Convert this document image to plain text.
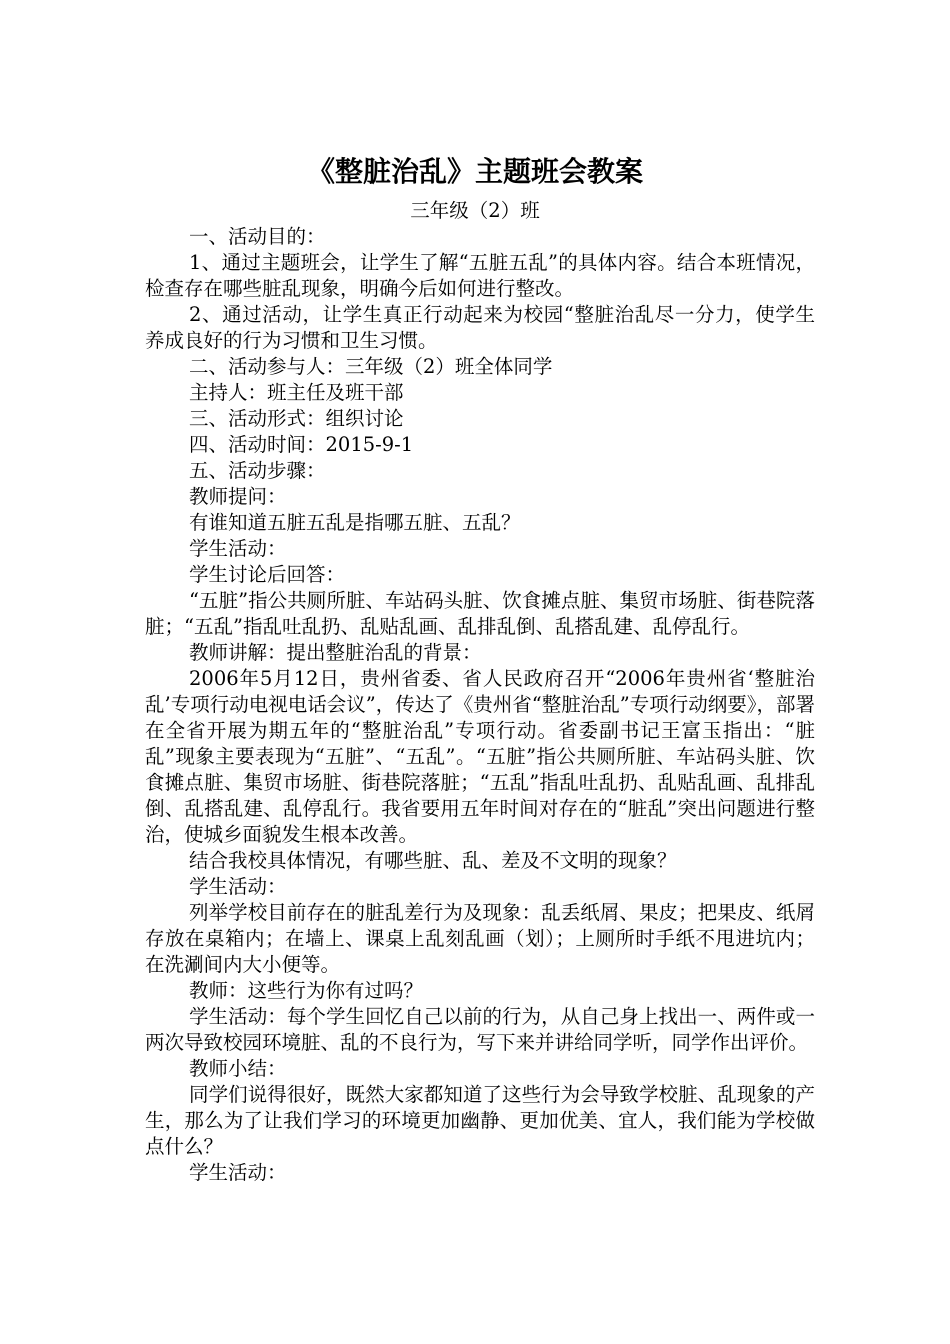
《整脏治乱》主题班会教案
三年级（2）班

一、活动目的：

1、通过主题班会，让学生了解“五脏五乱”的具体内容。结合本班情况，检查存在哪些脏乱现象，明确今后如何进行整改。

2、通过活动，让学生真正行动起来为校园“整脏治乱尽一分力，使学生养成良好的行为习惯和卫生习惯。

二、活动参与人：三年级（2）班全体同学

主持人：班主任及班干部

三、活动形式：组织讨论

四、活动时间：2015-9-1

五、活动步骤：

教师提问：

有谁知道五脏五乱是指哪五脏、五乱？

学生活动：

学生讨论后回答：

“五脏”指公共厕所脏、车站码头脏、饮食摊点脏、集贸市场脏、街巷院落脏；“五乱”指乱吐乱扔、乱贴乱画、乱排乱倒、乱搭乱建、乱停乱行。

教师讲解：提出整脏治乱的背景：

2006年5月12日，贵州省委、省人民政府召开“2006年贵州省‘整脏治乱’专项行动电视电话会议”，传达了《贵州省“整脏治乱”专项行动纲要》，部署在全省开展为期五年的“整脏治乱”专项行动。省委副书记王富玉指出：“脏乱”现象主要表现为“五脏”、“五乱”。“五脏”指公共厕所脏、车站码头脏、饮食摊点脏、集贸市场脏、街巷院落脏；“五乱”指乱吐乱扔、乱贴乱画、乱排乱倒、乱搭乱建、乱停乱行。我省要用五年时间对存在的“脏乱”突出问题进行整治，使城乡面貌发生根本改善。

结合我校具体情况，有哪些脏、乱、差及不文明的现象？

学生活动：

列举学校目前存在的脏乱差行为及现象：乱丢纸屑、果皮；把果皮、纸屑存放在桌箱内；在墙上、课桌上乱刻乱画（划）；上厕所时手纸不甩进坑内；在洗涮间内大小便等。

教师：这些行为你有过吗？

学生活动：每个学生回忆自己以前的行为，从自己身上找出一、两件或一两次导致校园环境脏、乱的不良行为，写下来并讲给同学听，同学作出评价。

教师小结：

同学们说得很好，既然大家都知道了这些行为会导致学校脏、乱现象的产生，那么为了让我们学习的环境更加幽静、更加优美、宜人，我们能为学校做点什么？

学生活动：
